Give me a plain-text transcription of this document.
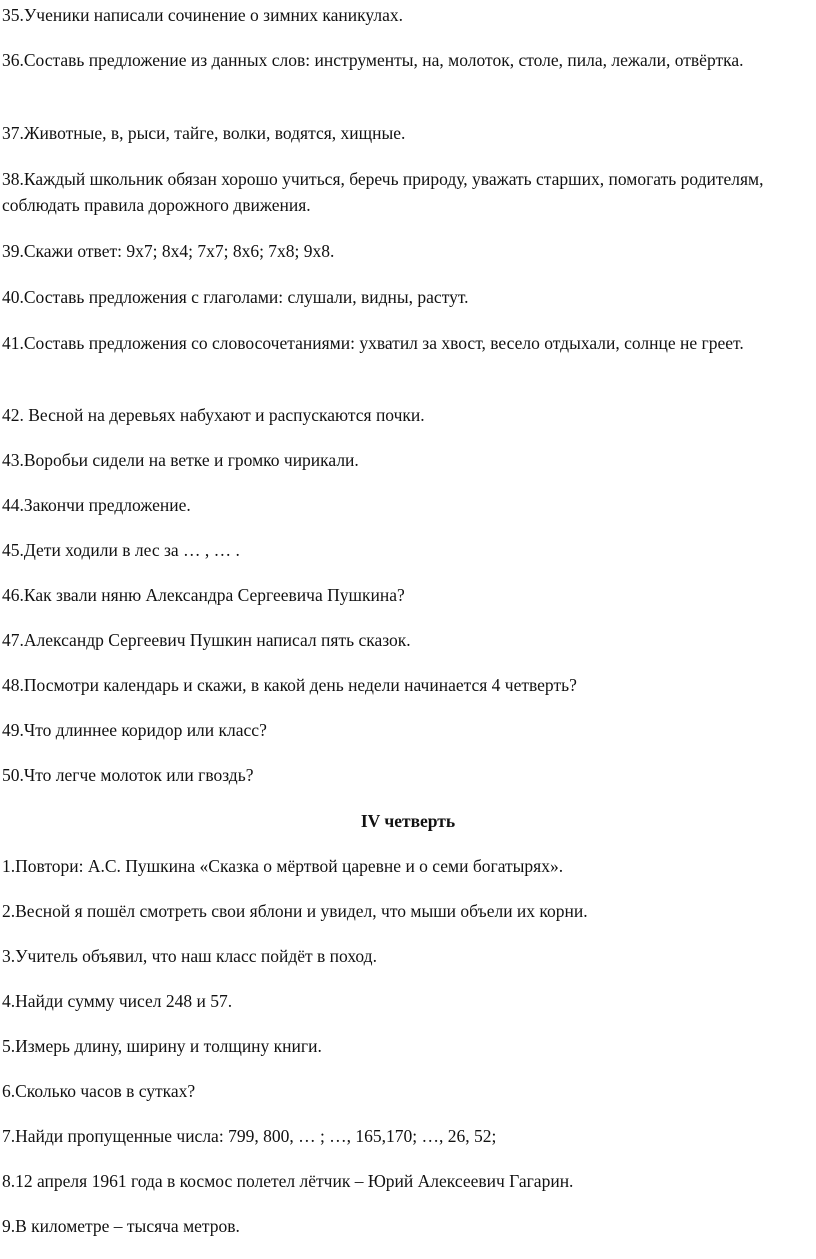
35.Ученики написали сочинение о зимних каникулах.

36.Составь предложение из данных слов: инструменты, на, молоток, столе, пила, лежали, отвёртка.

37.Животные, в, рыси, тайге, волки, водятся, хищные.

38.Каждый школьник обязан хорошо учиться, беречь природу, уважать старших, помогать родителям, соблюдать правила дорожного движения.

39.Скажи ответ: 9х7; 8х4; 7х7; 8х6; 7х8; 9х8.

40.Составь предложения с глаголами: слушали, видны, растут.

41.Составь предложения со словосочетаниями: ухватил за хвост, весело отдыхали, солнце не греет.

42. Весной на деревьях набухают и распускаются почки.

43.Воробьи сидели на ветке и громко чирикали.

44.Закончи предложение.

45.Дети ходили в лес за … , … .

46.Как звали няню Александра Сергеевича Пушкина?

47.Александр Сергеевич Пушкин написал пять сказок.

48.Посмотри календарь и скажи, в какой день недели начинается 4 четверть?

49.Что длиннее коридор или класс?

50.Что легче молоток или гвоздь?

IV четверть

1.Повтори: А.С. Пушкина «Сказка о мёртвой царевне и о семи богатырях».

2.Весной я пошёл смотреть свои яблони и увидел, что мыши объели их корни.

3.Учитель объявил, что наш класс пойдёт в поход.

4.Найди сумму чисел 248 и 57.

5.Измерь длину, ширину и толщину книги.

6.Сколько часов в сутках?

7.Найди пропущенные числа: 799, 800, … ; …, 165,170; …, 26, 52;

8.12 апреля 1961 года в космос полетел лётчик – Юрий Алексеевич Гагарин.

9.В километре – тысяча метров.
